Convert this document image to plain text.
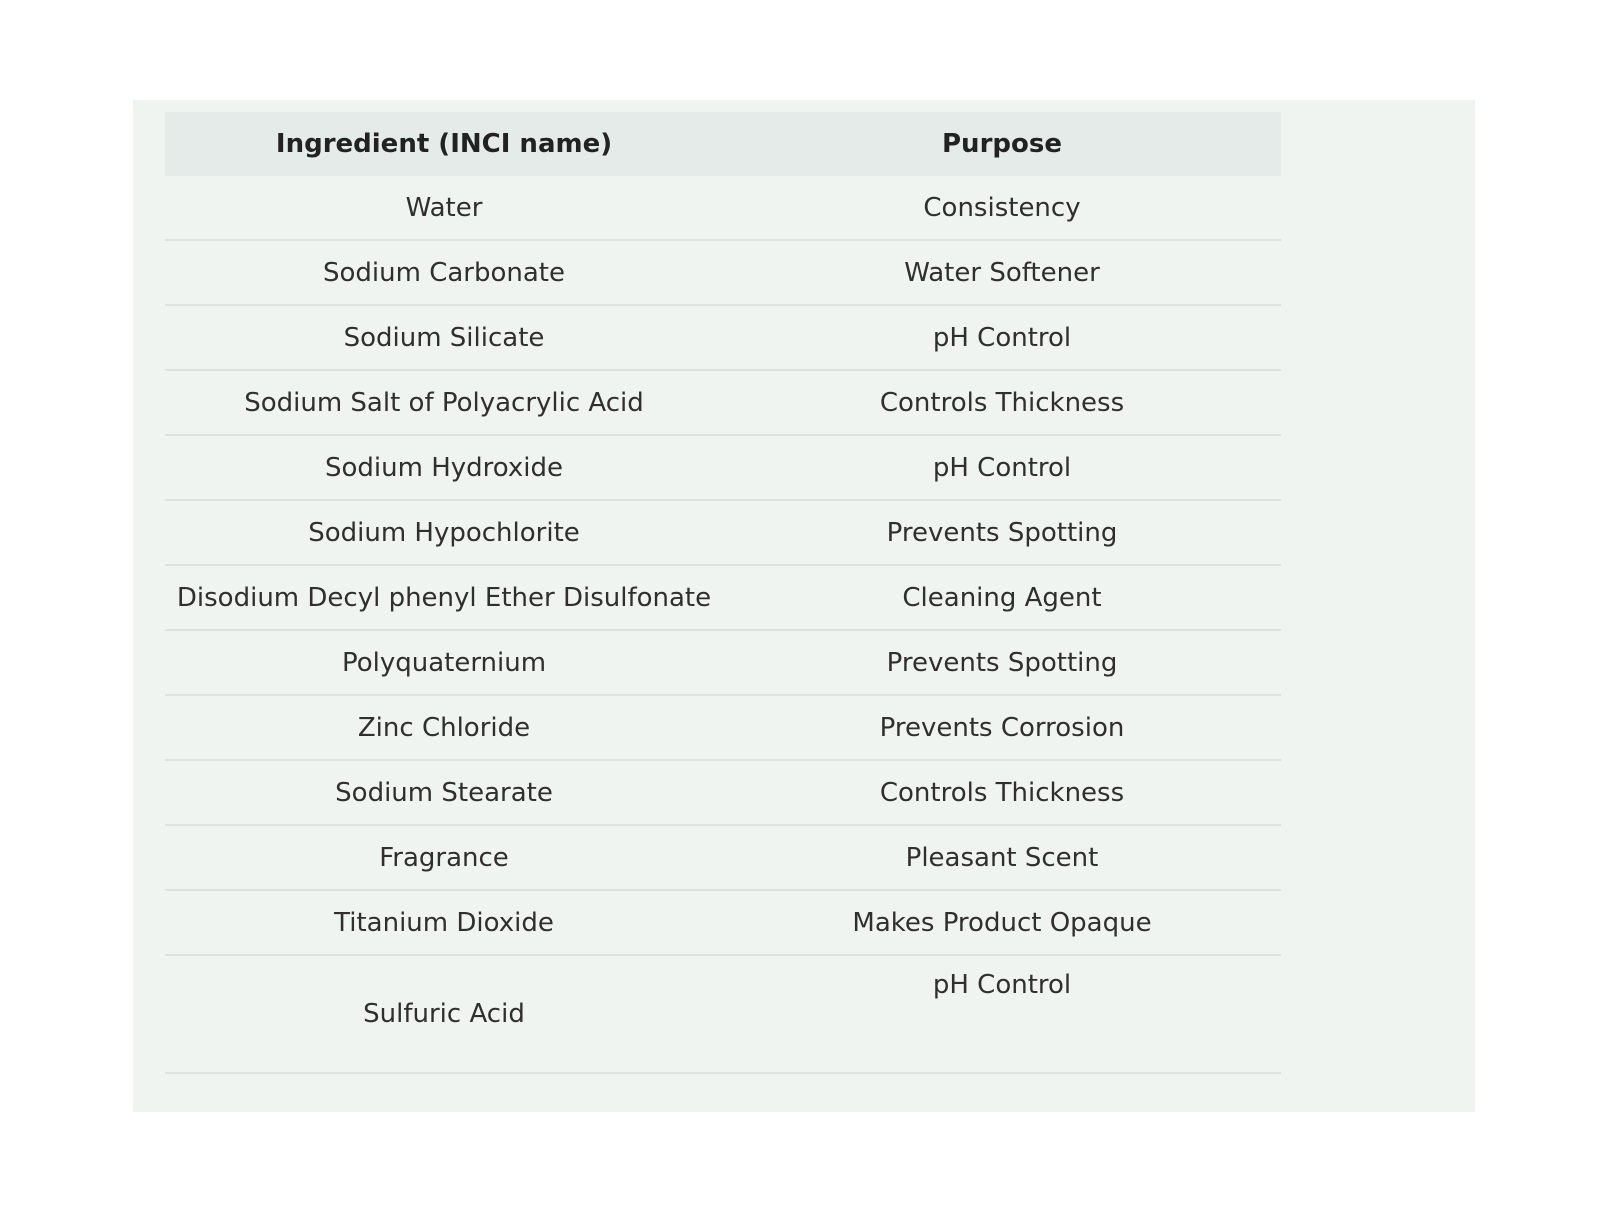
Ingredient (INCI name)	Purpose
Water	Consistency
Sodium Carbonate	Water Softener
Sodium Silicate	pH Control
Sodium Salt of Polyacrylic Acid	Controls Thickness
Sodium Hydroxide	pH Control
Sodium Hypochlorite	Prevents Spotting
Disodium Decyl phenyl Ether Disulfonate	Cleaning Agent
Polyquaternium	Prevents Spotting
Zinc Chloride	Prevents Corrosion
Sodium Stearate	Controls Thickness
Fragrance	Pleasant Scent
Titanium Dioxide	Makes Product Opaque
Sulfuric Acid	pH Control
